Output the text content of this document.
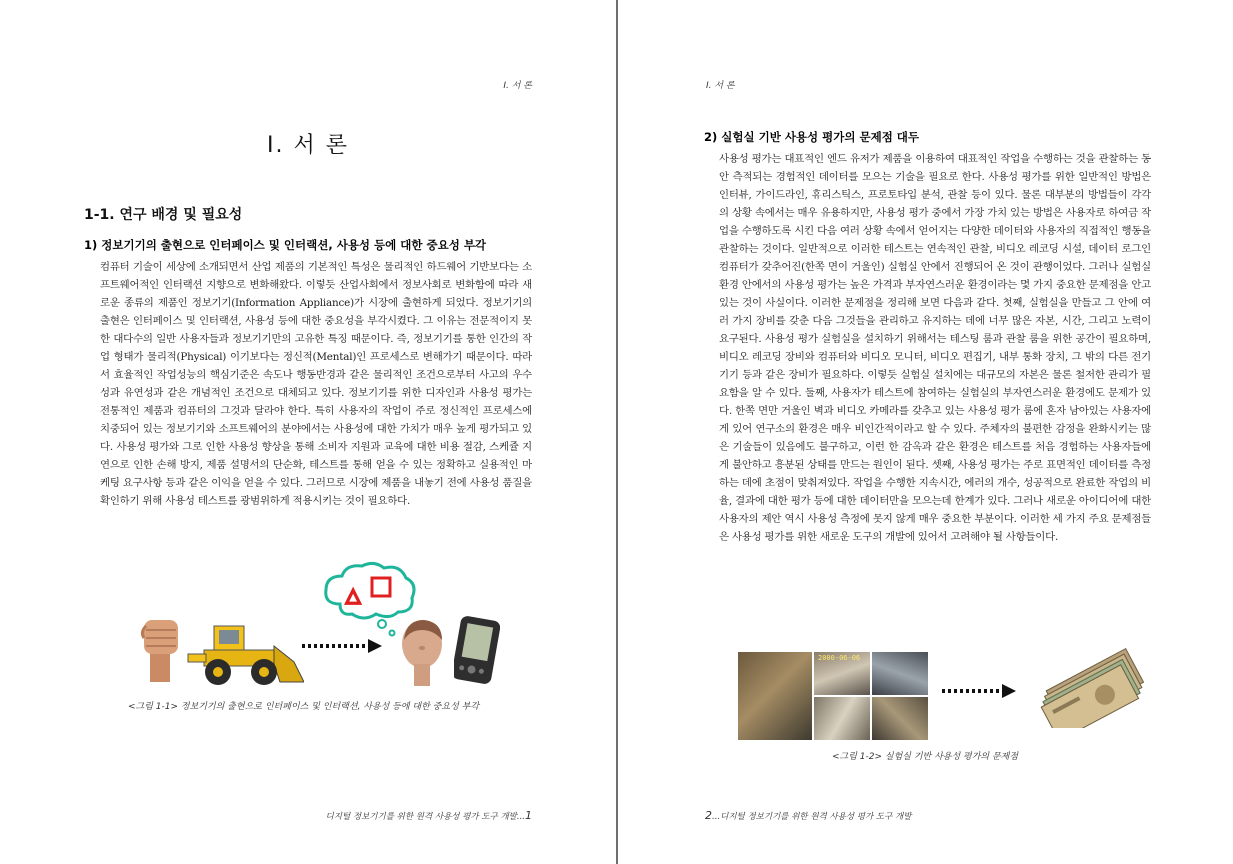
I. 서 론
I. 서 론
1-1. 연구 배경 및 필요성
1) 정보기기의 출현으로 인터페이스 및 인터랙션, 사용성 등에 대한 중요성 부각

컴퓨터 기술이 세상에 소개되면서 산업 제품의 기본적인 특성은 물리적인 하드웨어 기반보다는 소프트웨어적인 인터랙션 지향으로 변화해왔다. 이렇듯 산업사회에서 정보사회로 변화함에 따라 새로운 종류의 제품인 정보기기(Information Appliance)가 시장에 출현하게 되었다. 정보기기의 출현은 인터페이스 및 인터랙션, 사용성 등에 대한 중요성을 부각시켰다. 그 이유는 전문적이지 못한 대다수의 일반 사용자들과 정보기기만의 고유한 특징 때문이다. 즉, 정보기기를 통한 인간의 작업 형태가 물리적(Physical) 이기보다는 정신적(Mental)인 프로세스로 변해가기 때문이다. 따라서 효율적인 작업성능의 핵심기준은 속도나 행동반경과 같은 물리적인 조건으로부터 사고의 우수성과 유연성과 같은 개념적인 조건으로 대체되고 있다. 정보기기를 위한 디자인과 사용성 평가는 전통적인 제품과 컴퓨터의 그것과 달라야 한다. 특히 사용자의 작업이 주로 정신적인 프로세스에 치중되어 있는 정보기기와 소프트웨어의 분야에서는 사용성에 대한 가치가 매우 높게 평가되고 있다. 사용성 평가와 그로 인한 사용성 향상을 통해 소비자 지원과 교육에 대한 비용 절감, 스케쥴 지연으로 인한 손해 방지, 제품 설명서의 단순화, 테스트를 통해 얻을 수 있는 정확하고 실용적인 마케팅 요구사항 등과 같은 이익을 얻을 수 있다. 그러므로 시장에 제품을 내놓기 전에 사용성 품질을 확인하기 위해 사용성 테스트를 광범위하게 적용시키는 것이 필요하다.

<그림 1-1> 정보기기의 출현으로 인터페이스 및 인터랙션, 사용성 등에 대한 중요성 부각
디지털 정보기기를 위한 원격 사용성 평가 도구 개발...1
I. 서 론
2) 실험실 기반 사용성 평가의 문제점 대두

사용성 평가는 대표적인 엔드 유저가 제품을 이용하여 대표적인 작업을 수행하는 것을 관찰하는 동안 측적되는 경험적인 데이터를 모으는 기술을 필요로 한다. 사용성 평가를 위한 일반적인 방법은 인터뷰, 가이드라인, 휴리스틱스, 프로토타입 분석, 관찰 등이 있다. 물론 대부분의 방법들이 각각의 상황 속에서는 매우 유용하지만, 사용성 평가 중에서 가장 가치 있는 방법은 사용자로 하여금 작업을 수행하도록 시킨 다음 여러 상황 속에서 얻어지는 다양한 데이터와 사용자의 직접적인 행동을 관찰하는 것이다. 일반적으로 이러한 테스트는 연속적인 관찰, 비디오 레코딩 시설, 데이터 로그인 컴퓨터가 갖추어진(한쪽 면이 거울인) 실험실 안에서 진행되어 온 것이 관행이었다. 그러나 실험실 환경 안에서의 사용성 평가는 높은 가격과 부자연스러운 환경이라는 몇 가지 중요한 문제점을 안고 있는 것이 사실이다. 이러한 문제점을 정리해 보면 다음과 같다. 첫째, 실험실을 만들고 그 안에 여러 가지 장비를 갖춘 다음 그것들을 관리하고 유지하는 데에 너무 많은 자본, 시간, 그리고 노력이 요구된다. 사용성 평가 실험실을 설치하기 위해서는 테스팅 룸과 관찰 룸을 위한 공간이 필요하며, 비디오 레코딩 장비와 컴퓨터와 비디오 모니터, 비디오 편집기, 내부 통화 장치, 그 밖의 다른 전기 기기 등과 같은 장비가 필요하다. 이렇듯 실험실 설치에는 대규모의 자본은 물론 철저한 관리가 필요함을 알 수 있다. 둘째, 사용자가 테스트에 참여하는 실험실의 부자연스러운 환경에도 문제가 있다. 한쪽 면만 거울인 벽과 비디오 카메라를 갖추고 있는 사용성 평가 룸에 혼자 남아있는 사용자에게 있어 연구소의 환경은 매우 비인간적이라고 할 수 있다. 주체자의 불편한 감정을 완화시키는 많은 기술들이 있음에도 불구하고, 이런 한 감옥과 같은 환경은 테스트를 처음 경험하는 사용자들에게 불안하고 흥분된 상태를 만드는 원인이 된다. 셋째, 사용성 평가는 주로 표면적인 데이터를 측정하는 데에 초점이 맞춰져있다. 작업을 수행한 지속시간, 에러의 개수, 성공적으로 완료한 작업의 비율, 결과에 대한 평가 등에 대한 데이터만을 모으는데 한계가 있다. 그러나 새로운 아이디어에 대한 사용자의 제안 역시 사용성 측정에 못지 않게 매우 중요한 부분이다. 이러한 세 가지 주요 문제점들은 사용성 평가를 위한 새로운 도구의 개발에 있어서 고려해야 될 사항들이다.

2000-06-06
<그림 1-2> 실험실 기반 사용성 평가의 문제점
2...디지털 정보기기를 위한 원격 사용성 평가 도구 개발
